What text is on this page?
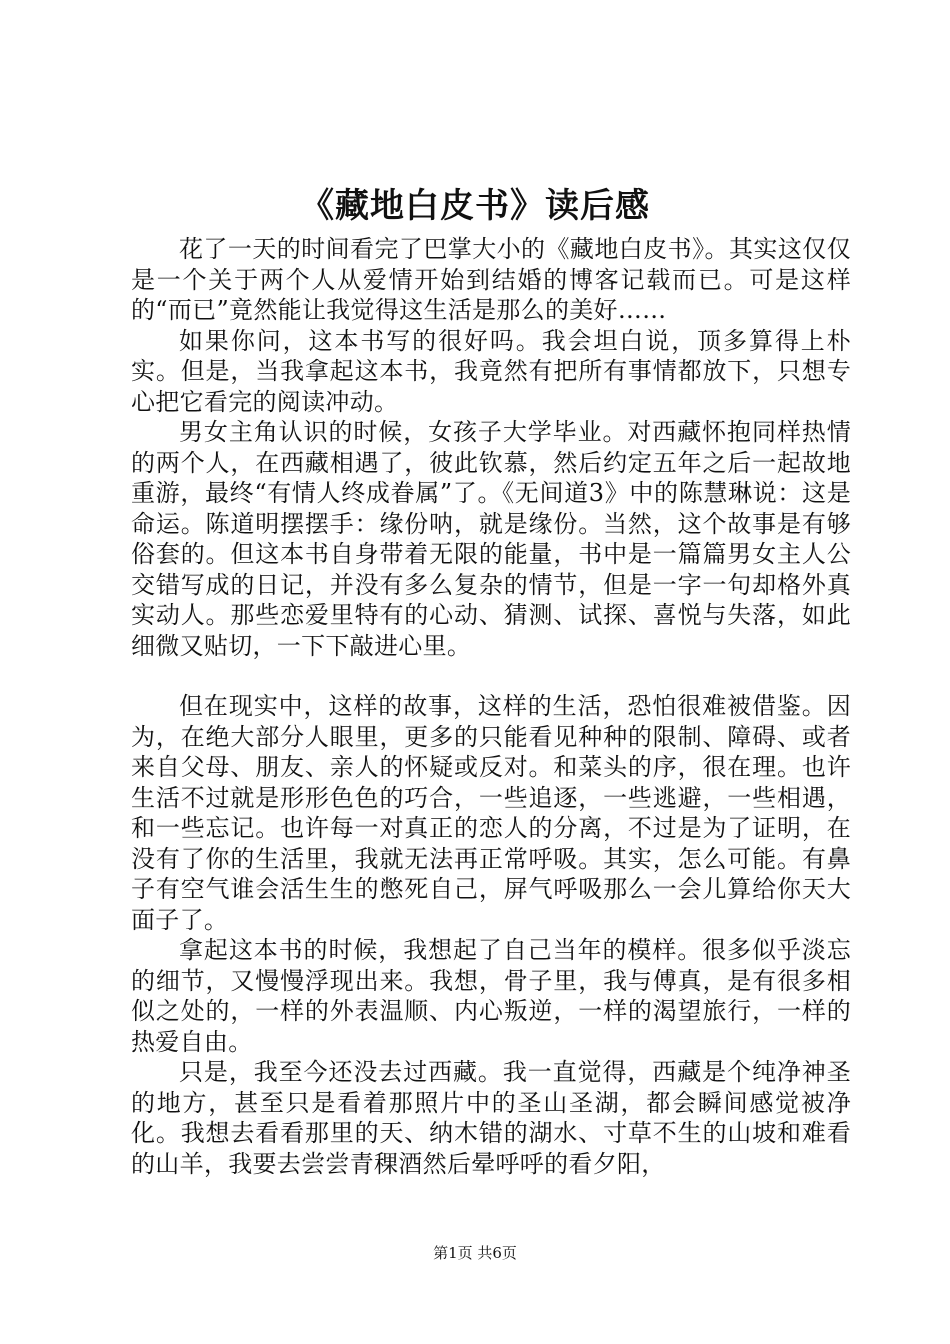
《藏地白皮书》读后感

花了一天的时间看完了巴掌大小的《藏地白皮书》。其实这仅仅是一个关于两个人从爱情开始到结婚的博客记载而已。可是这样的“而已”竟然能让我觉得这生活是那么的美好……

如果你问，这本书写的很好吗。我会坦白说，顶多算得上朴实。但是，当我拿起这本书，我竟然有把所有事情都放下，只想专心把它看完的阅读冲动。

男女主角认识的时候，女孩子大学毕业。对西藏怀抱同样热情的两个人，在西藏相遇了，彼此钦慕，然后约定五年之后一起故地重游，最终“有情人终成眷属”了。《无间道3》中的陈慧琳说：这是命运。陈道明摆摆手：缘份呐，就是缘份。当然，这个故事是有够俗套的。但这本书自身带着无限的能量，书中是一篇篇男女主人公交错写成的日记，并没有多么复杂的情节，但是一字一句却格外真实动人。那些恋爱里特有的心动、猜测、试探、喜悦与失落，如此细微又贴切，一下下敲进心里。

但在现实中，这样的故事，这样的生活，恐怕很难被借鉴。因为，在绝大部分人眼里，更多的只能看见种种的限制、障碍、或者来自父母、朋友、亲人的怀疑或反对。和菜头的序，很在理。也许生活不过就是形形色色的巧合，一些追逐，一些逃避，一些相遇，和一些忘记。也许每一对真正的恋人的分离，不过是为了证明，在没有了你的生活里，我就无法再正常呼吸。其实，怎么可能。有鼻子有空气谁会活生生的憋死自己，屏气呼吸那么一会儿算给你天大面子了。

拿起这本书的时候，我想起了自己当年的模样。很多似乎淡忘的细节，又慢慢浮现出来。我想，骨子里，我与傅真，是有很多相似之处的，一样的外表温顺、内心叛逆，一样的渴望旅行，一样的热爱自由。

只是，我至今还没去过西藏。我一直觉得，西藏是个纯净神圣的地方，甚至只是看着那照片中的圣山圣湖，都会瞬间感觉被净化。我想去看看那里的天、纳木错的湖水、寸草不生的山坡和难看的山羊，我要去尝尝青稞酒然后晕呼呼的看夕阳，

第1页 共6页
